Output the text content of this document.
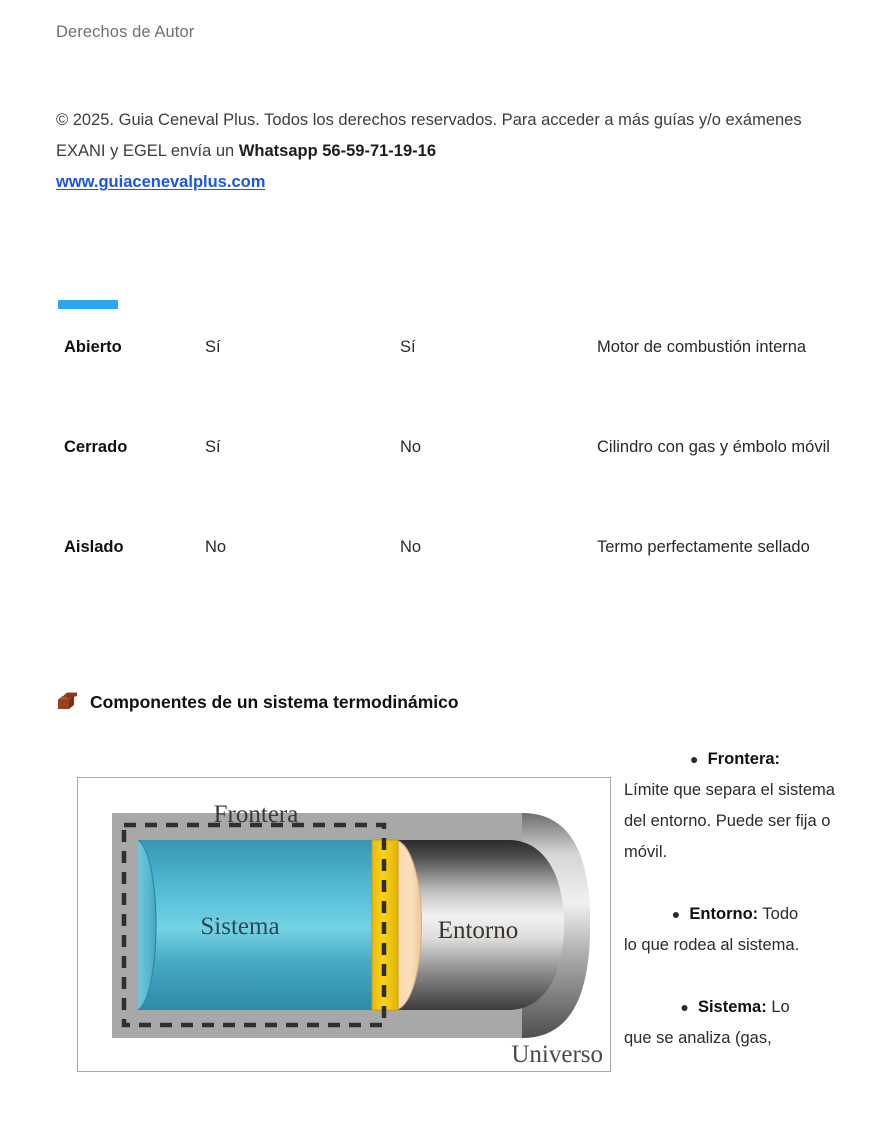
Derechos de Autor
© 2025. Guia Ceneval Plus. Todos los derechos reservados. Para acceder a más guías y/o exámenes EXANI y EGEL envía un Whatsapp 56-59-71-19-16
www.guiacenevalplus.com
Abierto	Sí	Sí	Motor de combustión interna
Cerrado	Sí	No	Cilindro con gas y émbolo móvil
Aislado	No	No	Termo perfectamente sellado
Componentes de un sistema termodinámico
Frontera
Sistema	Entorno
Universo
● Frontera:
Límite que separa el sistema del entorno. Puede ser fija o móvil.
● Entorno: Todo
lo que rodea al sistema.
● Sistema: Lo
que se analiza (gas,
